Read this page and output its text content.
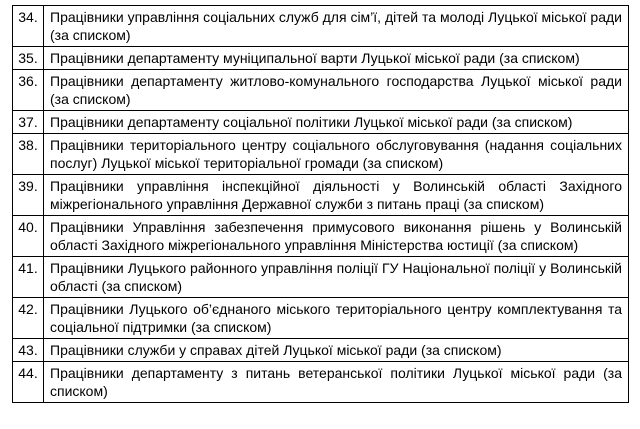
34.	Працівники управління соціальних служб для сім’ї, дітей та молоді Луцької міської ради (за списком)
35.	Працівники департаменту муніципальної варти Луцької міської ради (за списком)
36.	Працівники департаменту житлово-комунального господарства Луцької міської ради (за списком)
37.	Працівники департаменту соціальної політики Луцької міської ради (за списком)
38.	Працівники територіального центру соціального обслуговування (надання соціальних послуг) Луцької міської територіальної громади (за списком)
39.	Працівники управління інспекційної діяльності у Волинській області Західного міжрегіонального управління Державної служби з питань праці (за списком)
40.	Працівники Управління забезпечення примусового виконання рішень у Волинській області Західного міжрегіонального управління Міністерства юстиції (за списком)
41.	Працівники Луцького районного управління поліції ГУ Національної поліції у Волинській області (за списком)
42.	Працівники Луцького об’єднаного міського територіального центру комплектування та соціальної підтримки (за списком)
43.	Працівники служби у справах дітей Луцької міської ради (за списком)
44.	Працівники департаменту з питань ветеранської політики Луцької міської ради (за списком)
